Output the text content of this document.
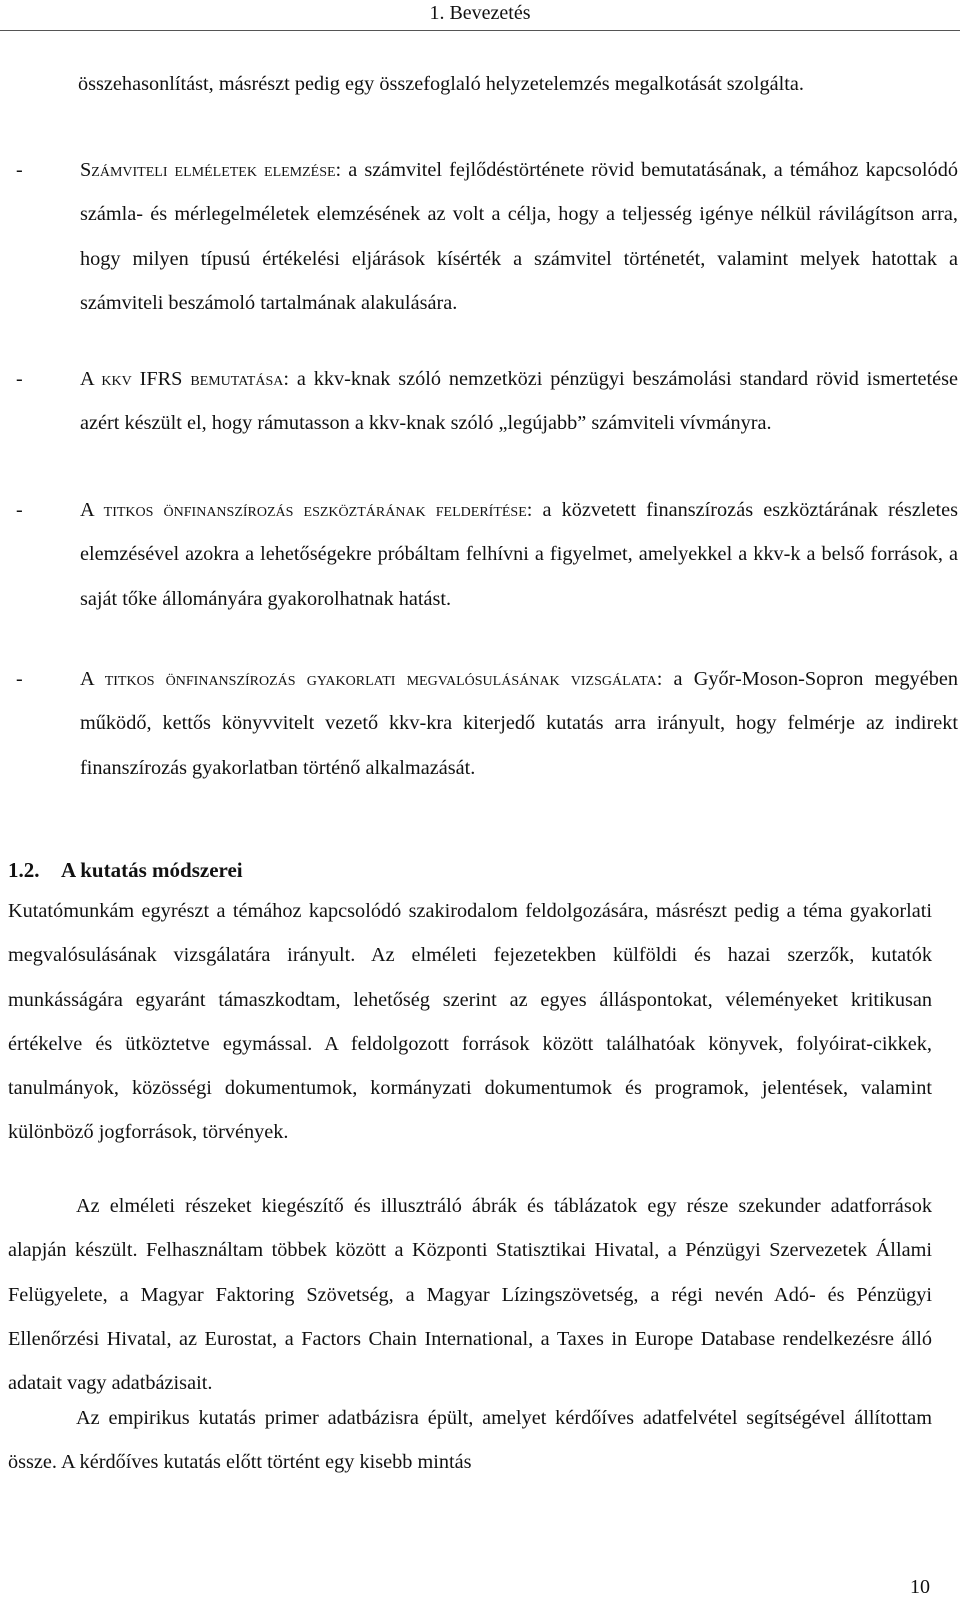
1. Bevezetés
összehasonlítást, másrészt pedig egy összefoglaló helyzetelemzés megalkotását szolgálta.
-	Számviteli elméletek elemzése: a számvitel fejlődéstörténete rövid bemutatásának, a témához kapcsolódó számla- és mérlegelméletek elemzésének az volt a célja, hogy a teljesség igénye nélkül rávilágítson arra, hogy milyen típusú értékelési eljárások kísérték a számvitel történetét, valamint melyek hatottak a számviteli beszámoló tartalmának alakulására.
-	A kkv IFRS bemutatása: a kkv-knak szóló nemzetközi pénzügyi beszámolási standard rövid ismertetése azért készült el, hogy rámutasson a kkv-knak szóló „legújabb” számviteli vívmányra.
-	A titkos önfinanszírozás eszköztárának felderítése: a közvetett finanszírozás eszköztárának részletes elemzésével azokra a lehetőségekre próbáltam felhívni a figyelmet, amelyekkel a kkv-k a belső források, a saját tőke állományára gyakorolhatnak hatást.
-	A titkos önfinanszírozás gyakorlati megvalósulásának vizsgálata: a Győr-Moson-Sopron megyében működő, kettős könyvvitelt vezető kkv-kra kiterjedő kutatás arra irányult, hogy felmérje az indirekt finanszírozás gyakorlatban történő alkalmazását.
1.2. A kutatás módszerei
Kutatómunkám egyrészt a témához kapcsolódó szakirodalom feldolgozására, másrészt pedig a téma gyakorlati megvalósulásának vizsgálatára irányult. Az elméleti fejezetekben külföldi és hazai szerzők, kutatók munkásságára egyaránt támaszkodtam, lehetőség szerint az egyes álláspontokat, véleményeket kritikusan értékelve és ütköztetve egymással. A feldolgozott források között találhatóak könyvek, folyóirat-cikkek, tanulmányok, közösségi dokumentumok, kormányzati dokumentumok és programok, jelentések, valamint különböző jogforrások, törvények.
Az elméleti részeket kiegészítő és illusztráló ábrák és táblázatok egy része szekunder adatforrások alapján készült. Felhasználtam többek között a Központi Statisztikai Hivatal, a Pénzügyi Szervezetek Állami Felügyelete, a Magyar Faktoring Szövetség, a Magyar Lízingszövetség, a régi nevén Adó- és Pénzügyi Ellenőrzési Hivatal, az Eurostat, a Factors Chain International, a Taxes in Europe Database rendelkezésre álló adatait vagy adatbázisait.
Az empirikus kutatás primer adatbázisra épült, amelyet kérdőíves adatfelvétel segítségével állítottam össze. A kérdőíves kutatás előtt történt egy kisebb mintás
10
